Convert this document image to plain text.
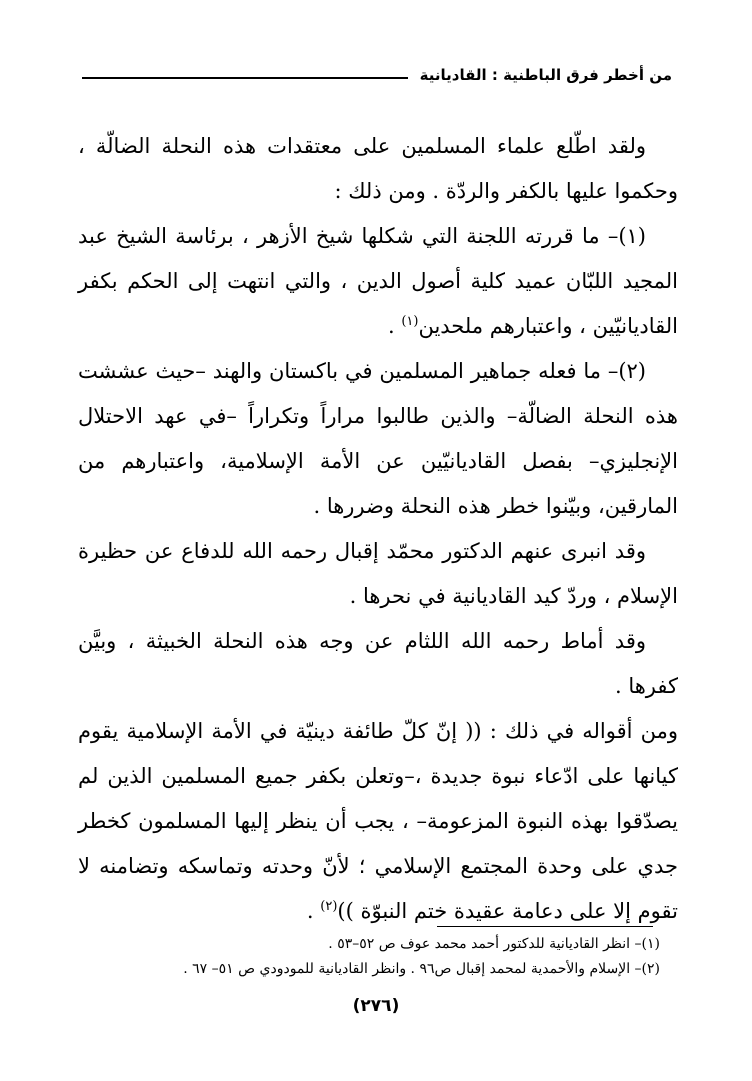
من أخطر فرق الباطنية : القاديانية

ولقد اطّلع علماء المسلمين على معتقدات هذه النحلة الضالّة ، وحكموا عليها بالكفر والردّة . ومن ذلك :

(١)– ما قررته اللجنة التي شكلها شيخ الأزهر ، برئاسة الشيخ عبد المجيد اللبّان عميد كلية أصول الدين ، والتي انتهت إلى الحكم بكفر القاديانيّين ، واعتبارهم ملحدين$^{(١)}$ .

(٢)– ما فعله جماهير المسلمين في باكستان والهند –حيث عششت هذه النحلة الضالّة– والذين طالبوا مراراً وتكراراً –في عهد الاحتلال الإنجليزي– بفصل القاديانيّين عن الأمة الإسلامية، واعتبارهم من المارقين، وبيّنوا خطر هذه النحلة وضررها .

وقد انبرى عنهم الدكتور محمّد إقبال رحمه الله للدفاع عن حظيرة الإسلام ، وردّ كيد القاديانية في نحرها .

وقد أماط رحمه الله اللثام عن وجه هذه النحلة الخبيثة ، وبيَّن كفرها .

ومن أقواله في ذلك : (( إنّ كلّ طائفة دينيّة في الأمة الإسلامية يقوم كيانها على ادّعاء نبوة جديدة ،–وتعلن بكفر جميع المسلمين الذين لم يصدّقوا بهذه النبوة المزعومة– ، يجب أن ينظر إليها المسلمون كخطر جدي على وحدة المجتمع الإسلامي ؛ لأنّ وحدته وتماسكه وتضامنه لا تقوم إلا على دعامة عقيدة ختم النبوّة ))$^{(٢)}$ .

(١)– انظر القاديانية للدكتور أحمد محمد عوف ص ٥٢–٥٣ .

(٢)– الإسلام والأحمدية لمحمد إقبال ص٩٦ . وانظر القاديانية للمودودي ص ٥١– ٦٧ .

(٢٧٦)
